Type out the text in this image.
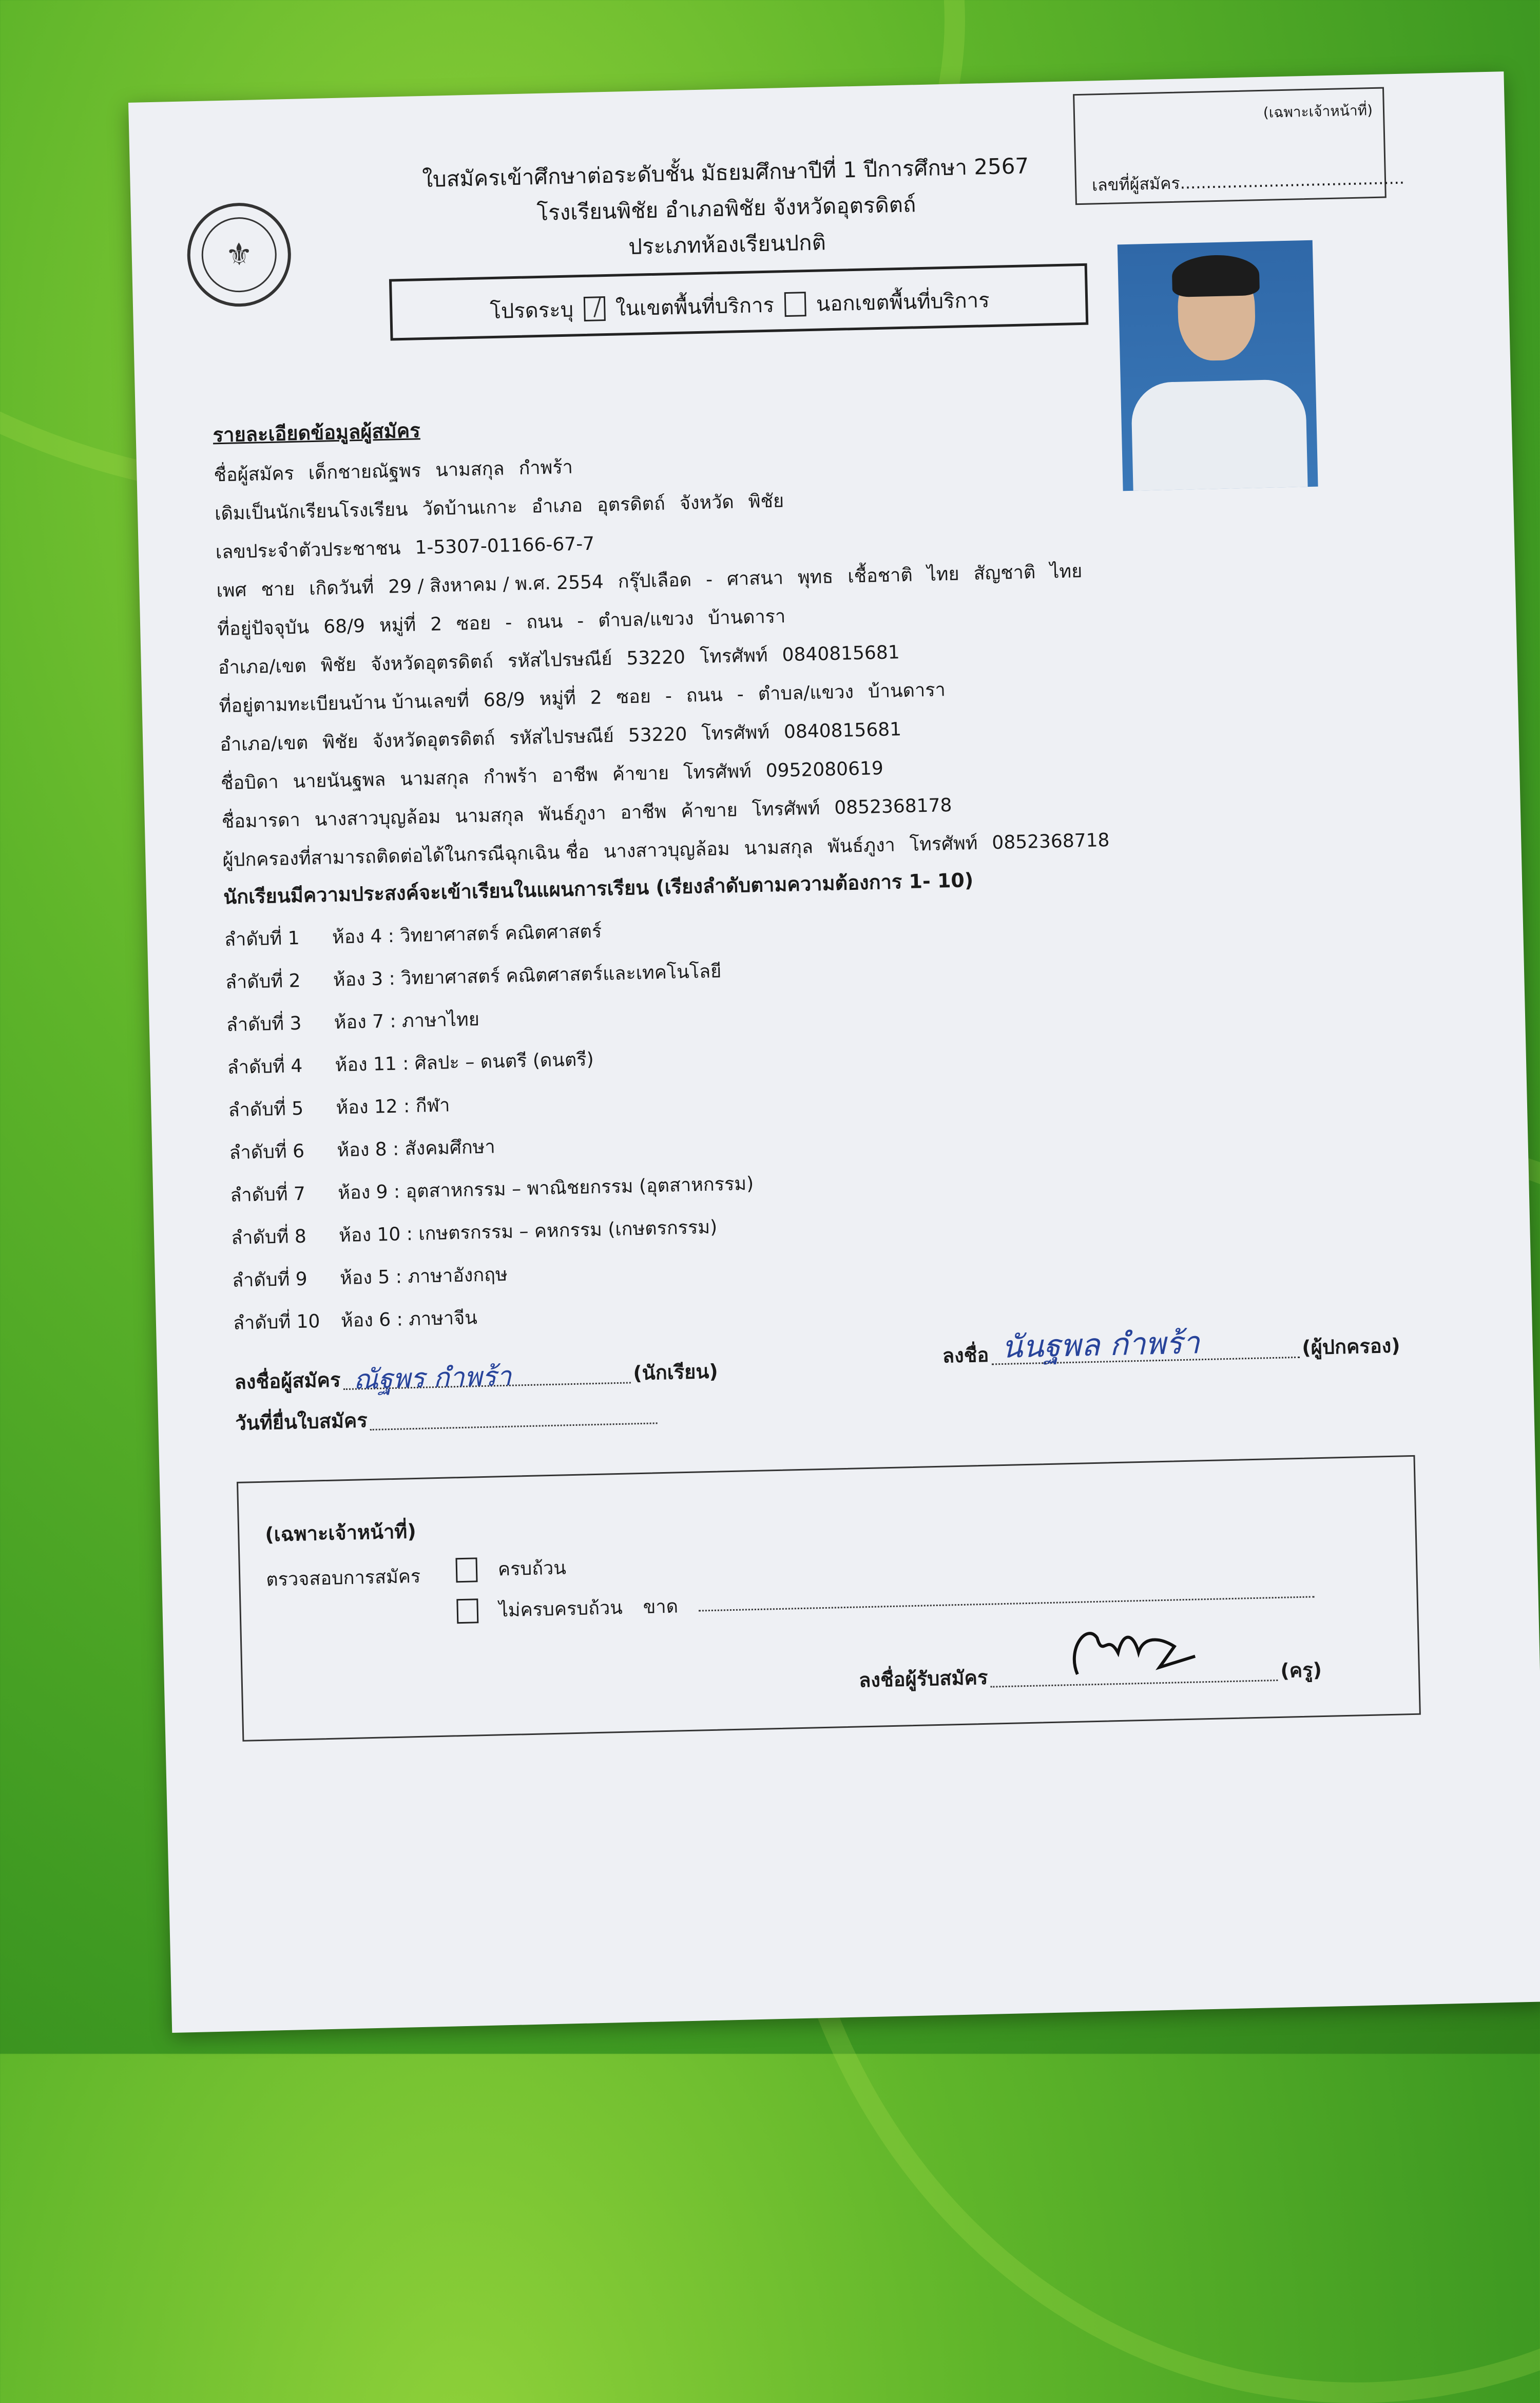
⚜
ใบสมัครเข้าศึกษาต่อระดับชั้น มัธยมศึกษาปีที่ 1 ปีการศึกษา 2567
โรงเรียนพิชัย อำเภอพิชัย จังหวัดอุตรดิตถ์
ประเภทห้องเรียนปกติ
(เฉพาะเจ้าหน้าที่)
เลขที่ผู้สมัคร...........................................
โปรดระบุ ในเขตพื้นที่บริการ นอกเขตพื้นที่บริการ
รายละเอียดข้อมูลผู้สมัคร
ชื่อผู้สมัคร เด็กชายณัฐพร นามสกุล กำพร้า
เดิมเป็นนักเรียนโรงเรียน วัดบ้านเกาะ อำเภอ อุตรดิตถ์ จังหวัด พิชัย
เลขประจำตัวประชาชน 1-5307-01166-67-7
เพศ ชาย เกิดวันที่ 29 / สิงหาคม / พ.ศ. 2554 กรุ๊ปเลือด - ศาสนา พุทธ เชื้อชาติ ไทย สัญชาติ ไทย
ที่อยู่ปัจจุบัน 68/9 หมู่ที่ 2 ซอย - ถนน - ตำบล/แขวง บ้านดารา
อำเภอ/เขต พิชัย จังหวัดอุตรดิตถ์ รหัสไปรษณีย์ 53220 โทรศัพท์ 0840815681
ที่อยู่ตามทะเบียนบ้าน บ้านเลขที่ 68/9 หมู่ที่ 2 ซอย - ถนน - ตำบล/แขวง บ้านดารา
อำเภอ/เขต พิชัย จังหวัดอุตรดิตถ์ รหัสไปรษณีย์ 53220 โทรศัพท์ 0840815681
ชื่อบิดา นายนันฐพล นามสกุล กำพร้า อาชีพ ค้าขาย โทรศัพท์ 0952080619
ชื่อมารดา นางสาวบุญล้อม นามสกุล พันธ์ภูงา อาชีพ ค้าขาย โทรศัพท์ 0852368178
ผู้ปกครองที่สามารถติดต่อได้ในกรณีฉุกเฉิน ชื่อ นางสาวบุญล้อม นามสกุล พันธ์ภูงา โทรศัพท์ 0852368718
นักเรียนมีความประสงค์จะเข้าเรียนในแผนการเรียน (เรียงลำดับตามความต้องการ 1- 10)
ลำดับที่ 1 ห้อง 4 : วิทยาศาสตร์ คณิตศาสตร์
ลำดับที่ 2 ห้อง 3 : วิทยาศาสตร์ คณิตศาสตร์และเทคโนโลยี
ลำดับที่ 3 ห้อง 7 : ภาษาไทย
ลำดับที่ 4 ห้อง 11 : ศิลปะ – ดนตรี (ดนตรี)
ลำดับที่ 5 ห้อง 12 : กีฬา
ลำดับที่ 6 ห้อง 8 : สังคมศึกษา
ลำดับที่ 7 ห้อง 9 : อุตสาหกรรม – พาณิชยกรรม (อุตสาหกรรม)
ลำดับที่ 8 ห้อง 10 : เกษตรกรรม – คหกรรม (เกษตรกรรม)
ลำดับที่ 9 ห้อง 5 : ภาษาอังกฤษ
ลำดับที่ 10 ห้อง 6 : ภาษาจีน
ลงชื่อผู้สมัคร ณัฐพร กำพร้า	(นักเรียน)
ลงชื่อ นันฐพล กำพร้า	(ผู้ปกครอง)
วันที่ยื่นใบสมัคร
(เฉพาะเจ้าหน้าที่)
ตรวจสอบการสมัคร	ครบถ้วน
ไม่ครบครบถ้วน ขาด

ลงชื่อผู้รับสมัคร	(ครู)
